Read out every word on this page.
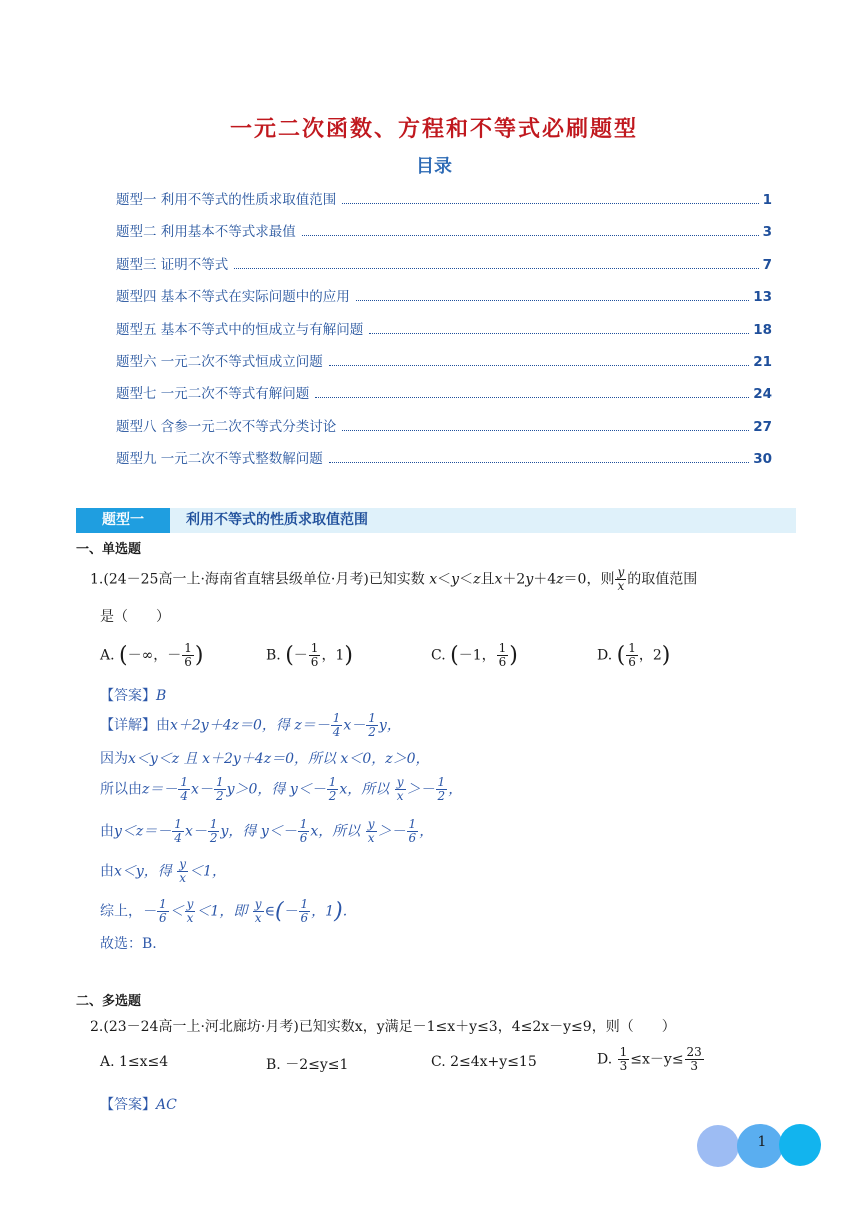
一元二次函数、方程和不等式必刷题型
目录
题型一 利用不等式的性质求取值范围	1
题型二 利用基本不等式求最值	3
题型三 证明不等式	7
题型四 基本不等式在实际问题中的应用	13
题型五 基本不等式中的恒成立与有解问题	18
题型六 一元二次不等式恒成立问题	21
题型七 一元二次不等式有解问题	24
题型八 含参一元二次不等式分类讨论	27
题型九 一元二次不等式整数解问题	30
题型一	利用不等式的性质求取值范围
一、单选题
1.(24－25高一上·海南省直辖县级单位·月考)已知实数 x＜y＜z且x＋2y＋4z＝0，则 $\frac{y}{x}$ 的取值范围
是（　　）
A. (－∞，－ $\frac{1}{6}$ )	B. (－ $\frac{1}{6}$ ，1)	C. (－1， $\frac{1}{6}$ )	D. ( $\frac{1}{6}$ ，2)
【答案】B
【详解】由x＋2y＋4z＝0，得 $z=- \frac{1}{4} x- \frac{1}{2}$ y，
因为x＜y＜z 且 x＋2y＋4z＝0，所以 x＜0，z＞0，
所以由$z=- \frac{1}{4} x- \frac{1}{2} y>0$，得 $y<- \frac{1}{2}$ x，所以 $\frac{y}{x} >- \frac{1}{2}$ ，
由$y<z=- \frac{1}{4} x- \frac{1}{2}$ y，得 $y<- \frac{1}{6}$ x，所以 $\frac{y}{x} >- \frac{1}{6}$ ，
由x＜y，得 $\frac{y}{x} <1$，
综上，－ $\frac{1}{6} < \frac{y}{x} <1$，即 $\frac{y}{x}$ ∈(－ $\frac{1}{6}$ ，1).
故选：B.
二、多选题
2.(23－24高一上·河北廊坊·月考)已知实数x，y满足－1≤x＋y≤3，4≤2x－y≤9，则（　　）
A. 1≤x≤4	B. －2≤y≤1	C. 2≤4x+y≤15	D. $\frac{1}{3} \le x-y\le \frac{23}{3}$
【答案】AC
1
